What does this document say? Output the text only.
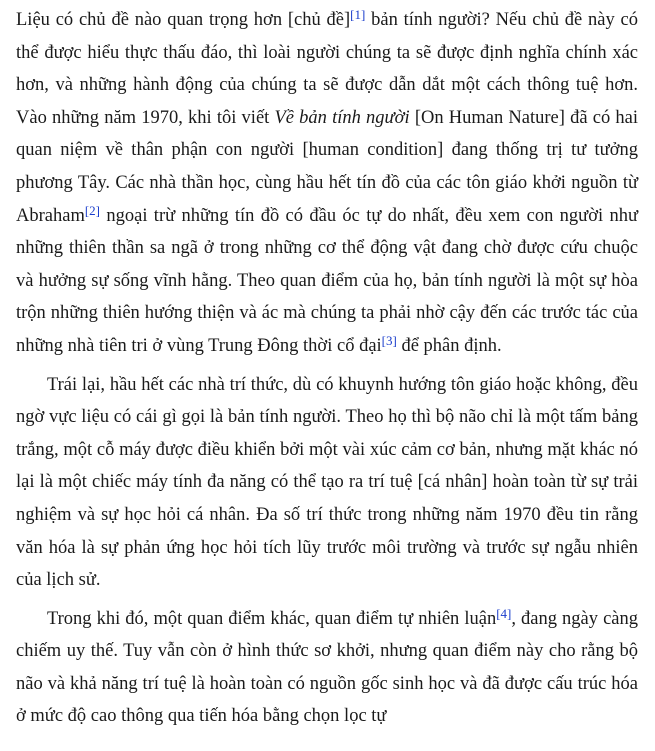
Liệu có chủ đề nào quan trọng hơn [chủ đề][1] bản tính người? Nếu chủ đề này có thể được hiểu thực thấu đáo, thì loài người chúng ta sẽ được định nghĩa chính xác hơn, và những hành động của chúng ta sẽ được dẫn dắt một cách thông tuệ hơn. Vào những năm 1970, khi tôi viết Về bản tính người [On Human Nature] đã có hai quan niệm về thân phận con người [human condition] đang thống trị tư tưởng phương Tây. Các nhà thần học, cùng hầu hết tín đồ của các tôn giáo khởi nguồn từ Abraham[2] ngoại trừ những tín đồ có đầu óc tự do nhất, đều xem con người như những thiên thần sa ngã ở trong những cơ thể động vật đang chờ được cứu chuộc và hưởng sự sống vĩnh hằng. Theo quan điểm của họ, bản tính người là một sự hòa trộn những thiên hướng thiện và ác mà chúng ta phải nhờ cậy đến các trước tác của những nhà tiên tri ở vùng Trung Đông thời cổ đại[3] để phân định.

Trái lại, hầu hết các nhà trí thức, dù có khuynh hướng tôn giáo hoặc không, đều ngờ vực liệu có cái gì gọi là bản tính người. Theo họ thì bộ não chỉ là một tấm bảng trắng, một cỗ máy được điều khiển bởi một vài xúc cảm cơ bản, nhưng mặt khác nó lại là một chiếc máy tính đa năng có thể tạo ra trí tuệ [cá nhân] hoàn toàn từ sự trải nghiệm và sự học hỏi cá nhân. Đa số trí thức trong những năm 1970 đều tin rằng văn hóa là sự phản ứng học hỏi tích lũy trước môi trường và trước sự ngẫu nhiên của lịch sử.

Trong khi đó, một quan điểm khác, quan điểm tự nhiên luận[4], đang ngày càng chiếm uy thế. Tuy vẫn còn ở hình thức sơ khởi, nhưng quan điểm này cho rằng bộ não và khả năng trí tuệ là hoàn toàn có nguồn gốc sinh học và đã được cấu trúc hóa ở mức độ cao thông qua tiến hóa bằng chọn lọc tự
